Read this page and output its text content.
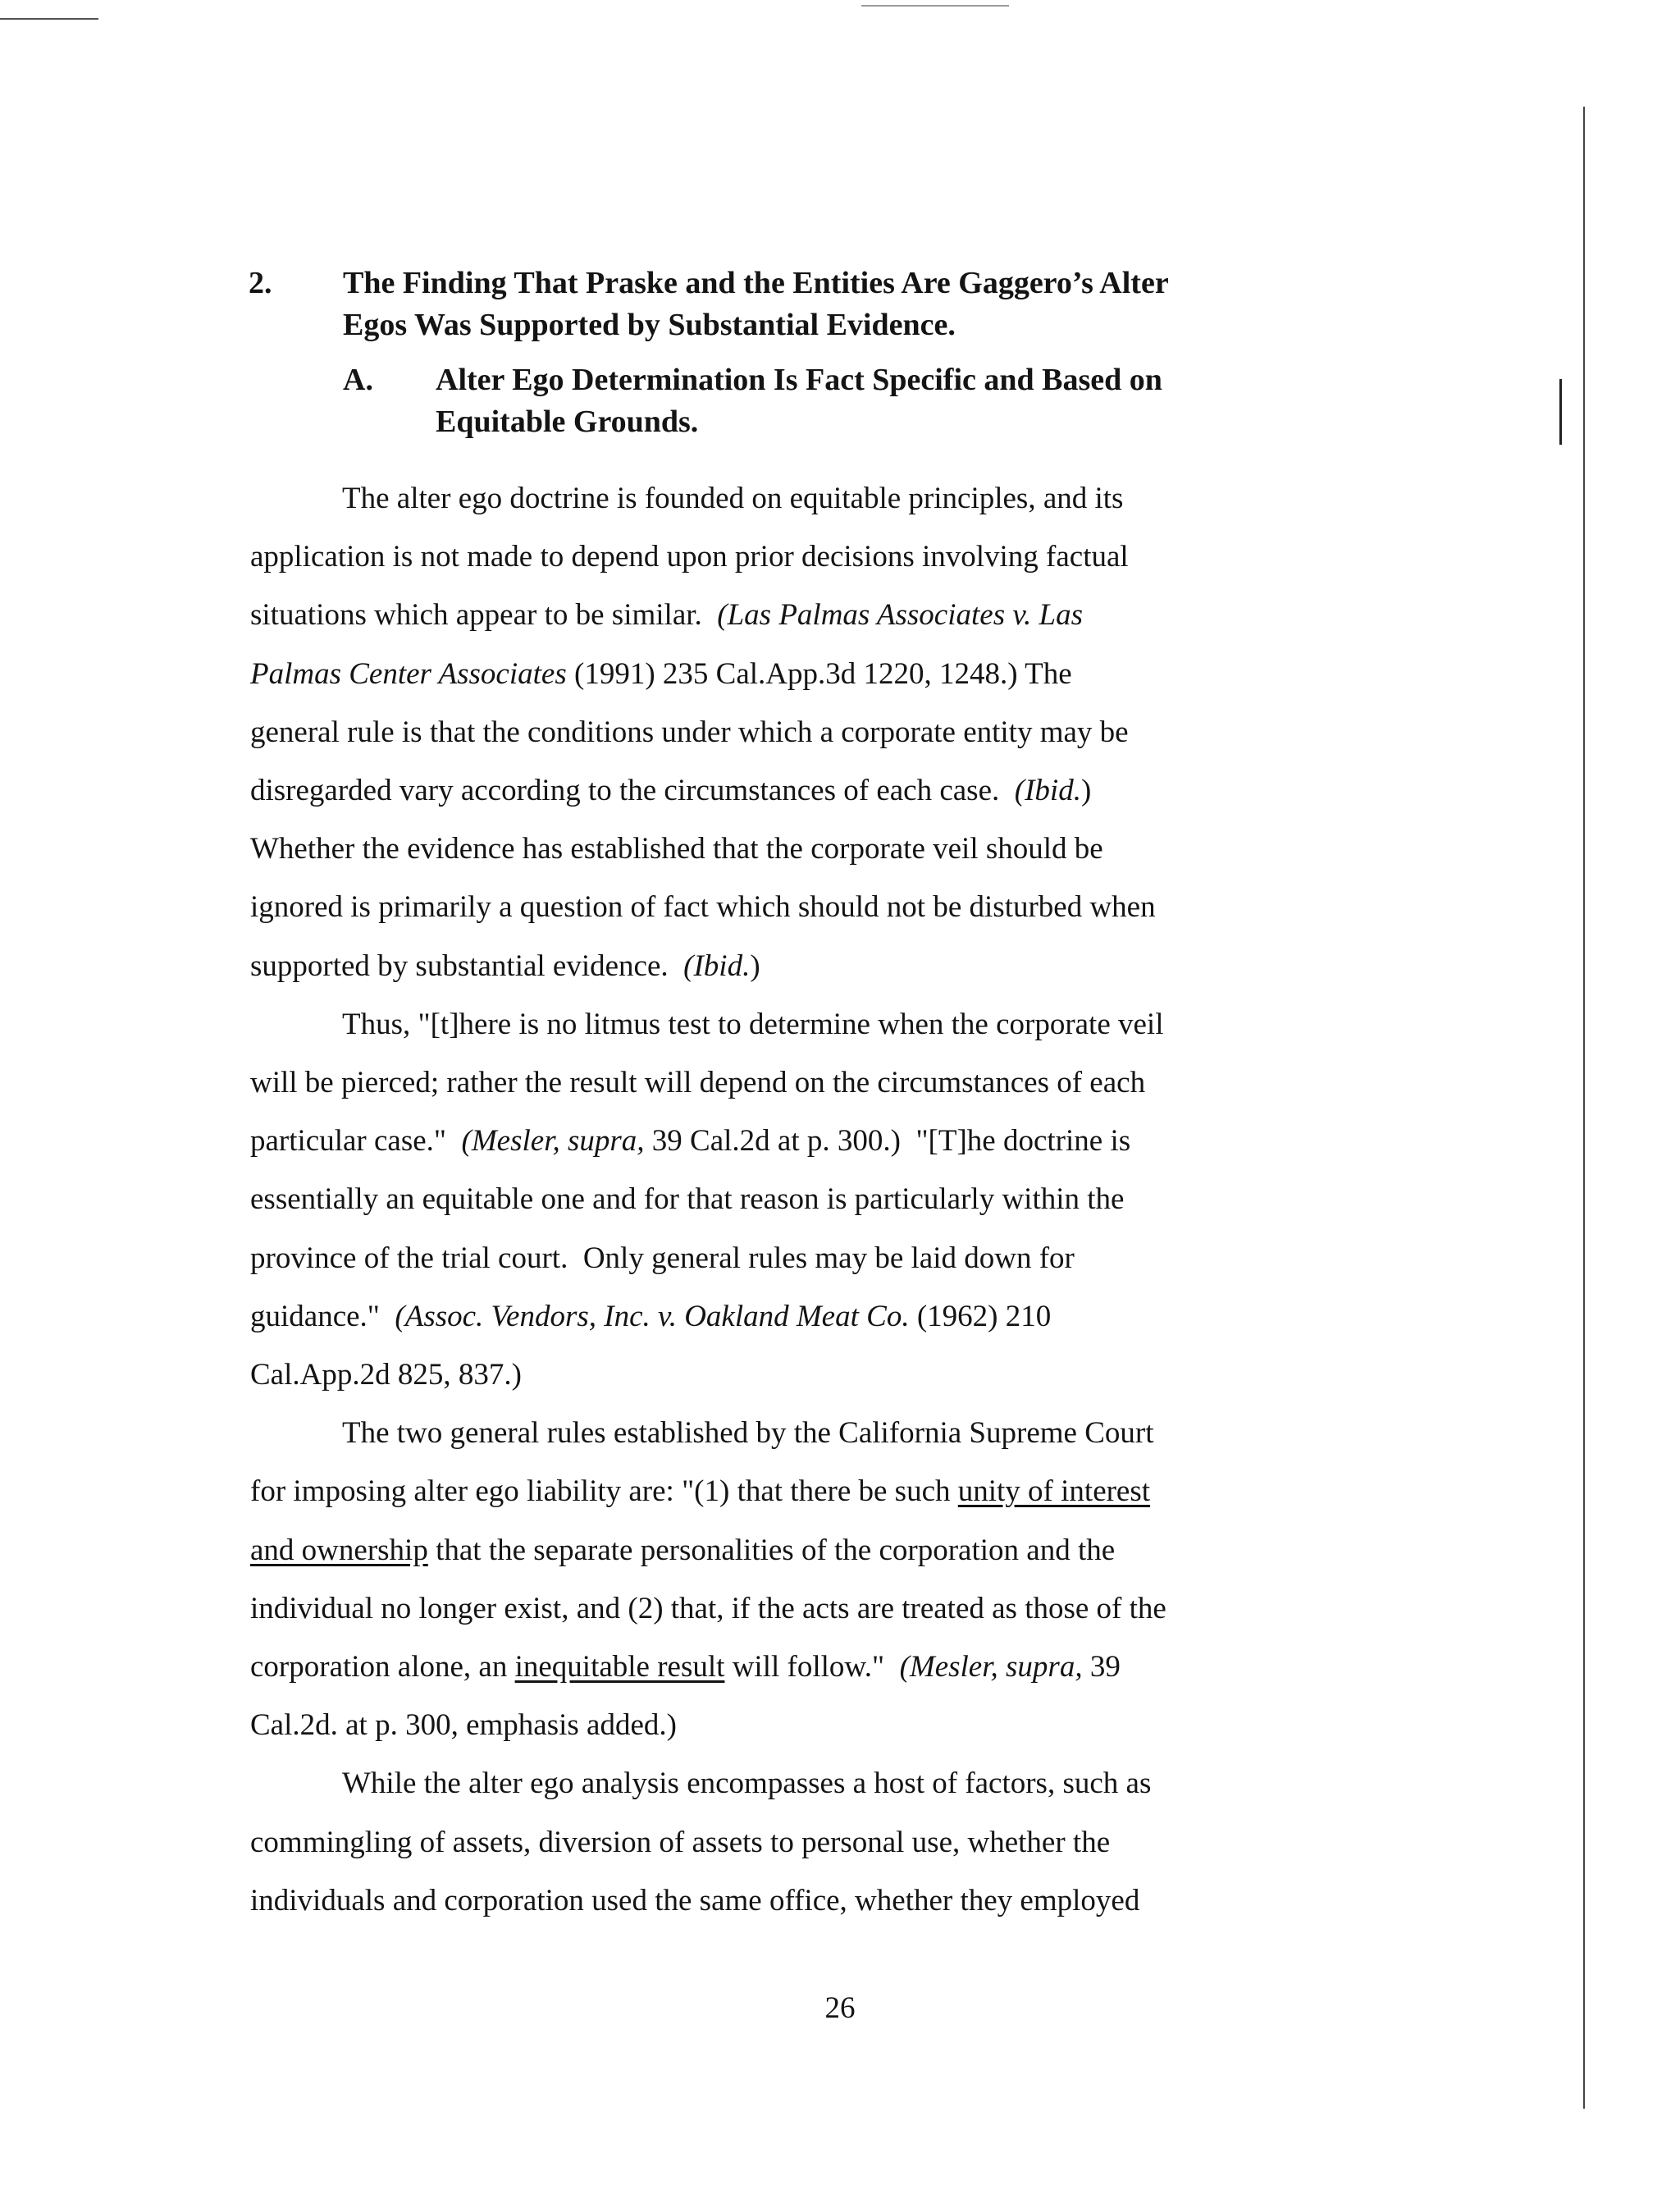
2. The Finding That Praske and the Entities Are Gaggero’s Alter
Egos Was Supported by Substantial Evidence.
A. Alter Ego Determination Is Fact Specific and Based on
Equitable Grounds.
The alter ego doctrine is founded on equitable principles, and its
application is not made to depend upon prior decisions involving factual
situations which appear to be similar.  (Las Palmas Associates v. Las
Palmas Center Associates (1991) 235 Cal.App.3d 1220, 1248.) The
general rule is that the conditions under which a corporate entity may be
disregarded vary according to the circumstances of each case.  (Ibid.)
Whether the evidence has established that the corporate veil should be
ignored is primarily a question of fact which should not be disturbed when
supported by substantial evidence.  (Ibid.)
Thus, "[t]here is no litmus test to determine when the corporate veil
will be pierced; rather the result will depend on the circumstances of each
particular case."  (Mesler, supra, 39 Cal.2d at p. 300.)  "[T]he doctrine is
essentially an equitable one and for that reason is particularly within the
province of the trial court.  Only general rules may be laid down for
guidance."  (Assoc. Vendors, Inc. v. Oakland Meat Co. (1962) 210
Cal.App.2d 825, 837.)
The two general rules established by the California Supreme Court
for imposing alter ego liability are: "(1) that there be such unity of interest
and ownership that the separate personalities of the corporation and the
individual no longer exist, and (2) that, if the acts are treated as those of the
corporation alone, an inequitable result will follow."  (Mesler, supra, 39
Cal.2d. at p. 300, emphasis added.)
While the alter ego analysis encompasses a host of factors, such as
commingling of assets, diversion of assets to personal use, whether the
individuals and corporation used the same office, whether they employed
26
